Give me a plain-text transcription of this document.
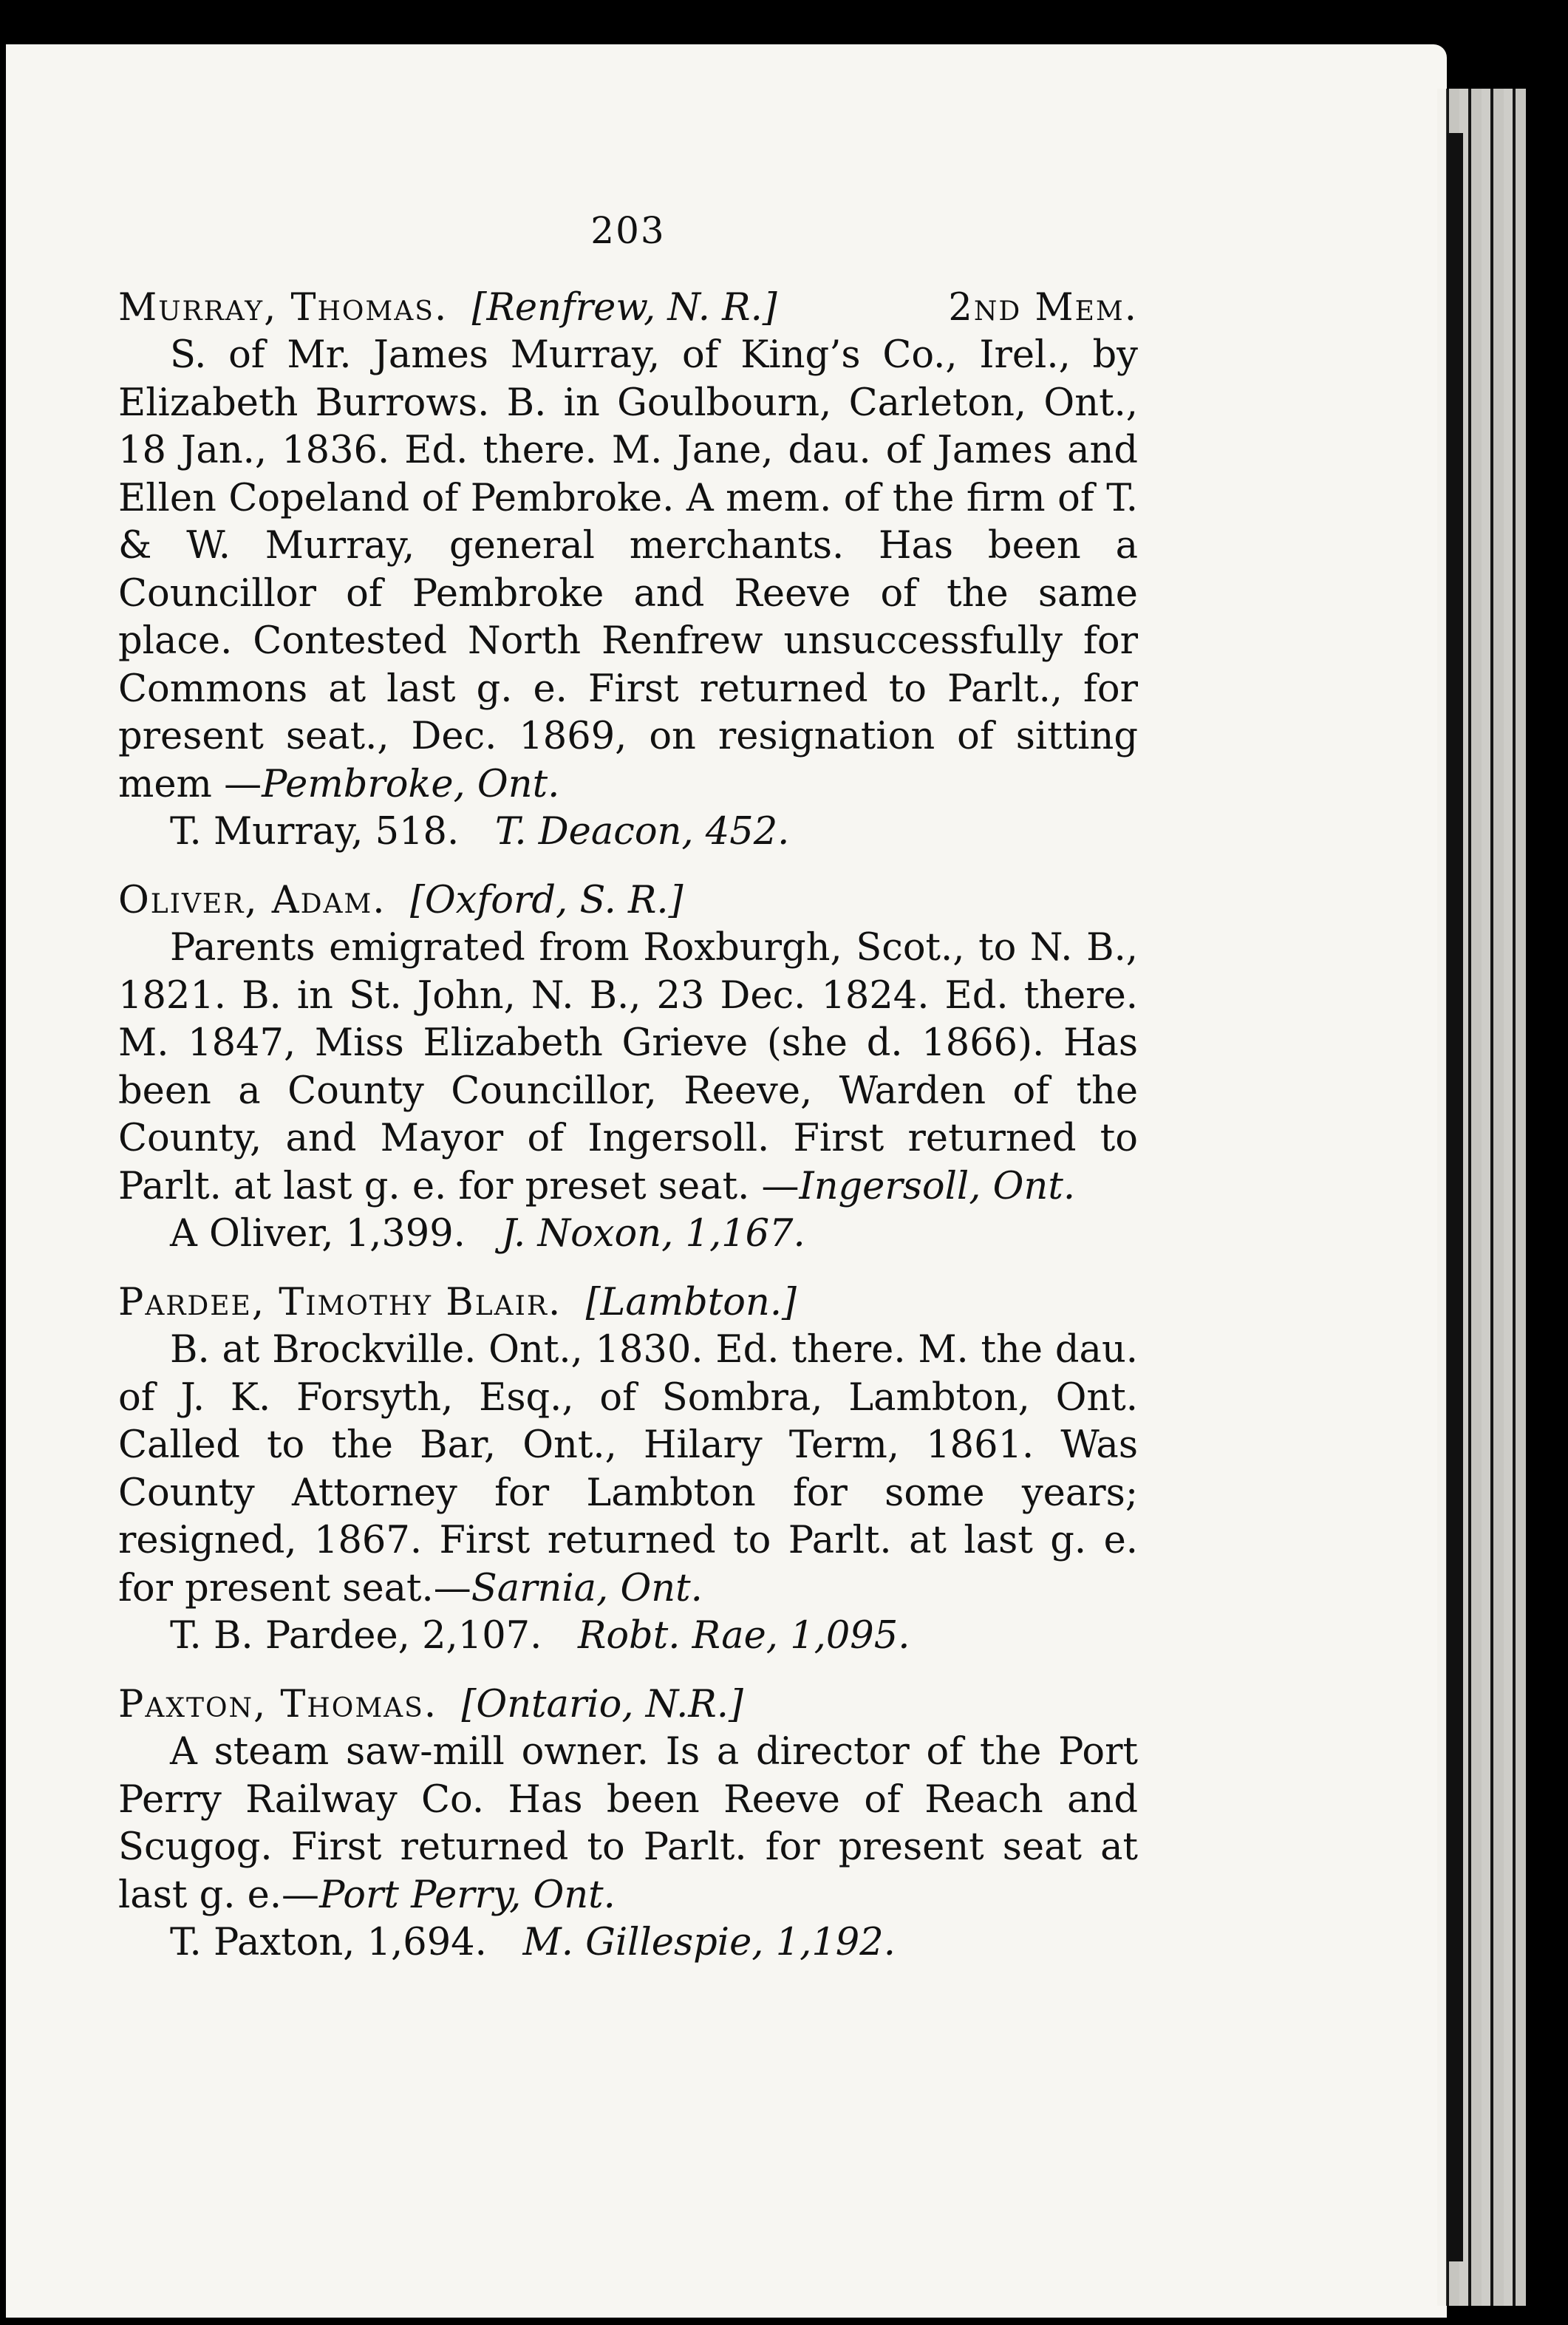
203

Murray, Thomas. [Renfrew, N. R.]	2nd Mem.

S. of Mr. James Murray, of King’s Co., Irel., by Elizabeth Burrows. B. in Goulbourn, Carleton, Ont., 18 Jan., 1836. Ed. there. M. Jane, dau. of James and Ellen Copeland of Pembroke. A mem. of the firm of T. & W. Murray, general merchants. Has been a Councillor of Pembroke and Reeve of the same place. Contested North Renfrew unsuccessfully for Commons at last g. e. First returned to Parlt., for present seat., Dec. 1869, on resignation of sitting mem —Pembroke, Ont.

T. Murray, 518. T. Deacon, 452.

Oliver, Adam. [Oxford, S. R.]

Parents emigrated from Roxburgh, Scot., to N. B., 1821. B. in St. John, N. B., 23 Dec. 1824. Ed. there. M. 1847, Miss Elizabeth Grieve (she d. 1866). Has been a County Councillor, Reeve, Warden of the County, and Mayor of Ingersoll. First returned to Parlt. at last g. e. for preset seat. —Ingersoll, Ont.

A Oliver, 1,399. J. Noxon, 1,167.

Pardee, Timothy Blair. [Lambton.]

B. at Brockville. Ont., 1830. Ed. there. M. the dau. of J. K. Forsyth, Esq., of Sombra, Lambton, Ont. Called to the Bar, Ont., Hilary Term, 1861. Was County Attorney for Lambton for some years; resigned, 1867. First returned to Parlt. at last g. e. for present seat.—Sarnia, Ont.

T. B. Pardee, 2,107. Robt. Rae, 1,095.

Paxton, Thomas. [Ontario, N.R.]

A steam saw-mill owner. Is a director of the Port Perry Railway Co. Has been Reeve of Reach and Scugog. First returned to Parlt. for present seat at last g. e.—Port Perry, Ont.

T. Paxton, 1,694. M. Gillespie, 1,192.
